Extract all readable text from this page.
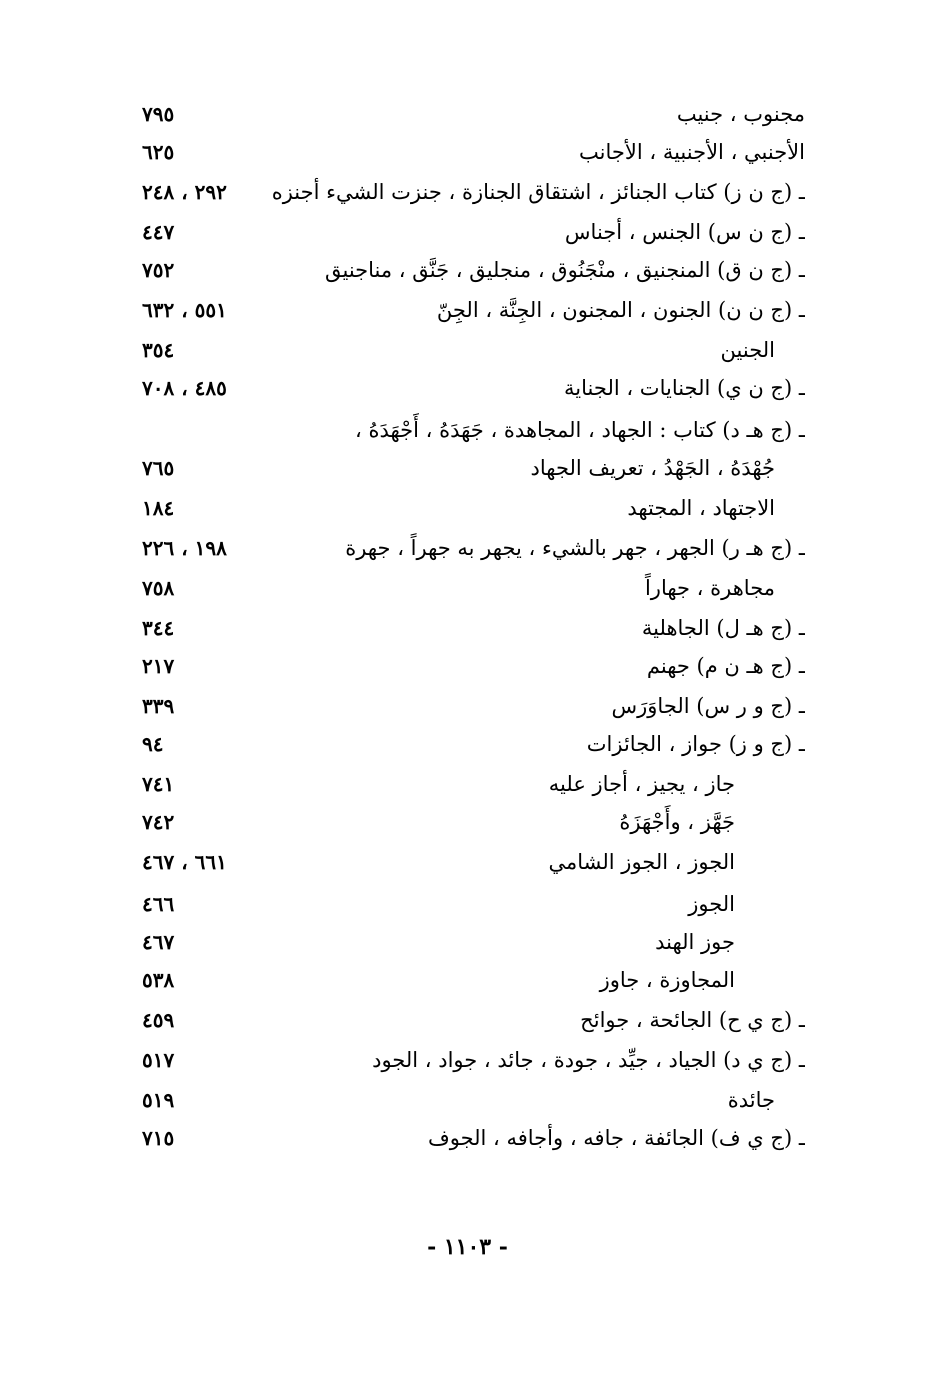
مجنوب ، جنيب
٧٩٥
الأجنبي ، الأجنبية ، الأجانب
٦٢٥
ـ (ج ن ز) كتاب الجنائز ، اشتقاق الجنازة ، جنزت الشيء أجنزه
٢٩٢ ، ٢٤٨
ـ (ج ن س) الجنس ، أجناس
٤٤٧
ـ (ج ن ق) المنجنيق ، منْجَنُوق ، منجليق ، جَنَّق ، مناجنيق
٧٥٢
ـ (ج ن ن) الجنون ، المجنون ، الجِنَّة ، الجِنّ
٥٥١ ، ٦٣٢
الجنين
٣٥٤
ـ (ج ن ي) الجنايات ، الجناية
٤٨٥ ، ٧٠٨
ـ (ج هـ د) كتاب : الجهاد ، المجاهدة ، جَهَدَهُ ، أَجْهَدَهُ ،
جُهْدَهُ ، الجَهْدُ ، تعريف الجهاد
٧٦٥
الاجتهاد ، المجتهد
١٨٤
ـ (ج هـ ر) الجهر ، جهر بالشيء ، يجهر به جهراً ، جهرة
١٩٨ ، ٢٢٦
مجاهرة ، جهاراً
٧٥٨
ـ (ج هـ ل) الجاهلية
٣٤٤
ـ (ج هـ ن م) جهنم
٢١٧
ـ (ج و ر س) الجاوَرَس
٣٣٩
ـ (ج و ز) جواز ، الجائزات
٩٤
جاز ، يجيز ، أجاز عليه
٧٤١
جَهَّز ، وأَجْهَزَهُ
٧٤٢
الجوز ، الجوز الشامي
٦٦١ ، ٤٦٧
الجوز
٤٦٦
جوز الهند
٤٦٧
المجاوزة ، جاوز
٥٣٨
ـ (ج ي ح) الجائحة ، جوائح
٤٥٩
ـ (ج ي د) الجياد ، جيِّد ، جودة ، جائد ، جواد ، الجود
٥١٧
جائدة
٥١٩
ـ (ج ي ف) الجائفة ، جافه ، وأجافه ، الجوف
٧١٥
- ١١٠٣ -
